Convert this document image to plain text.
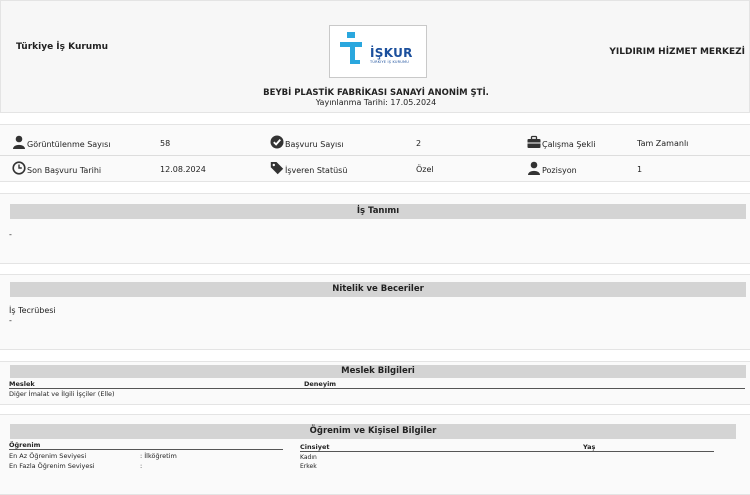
Türkiye İş Kurumu	İŞKUR
TÜRKİYE İŞ KURUMU
YILDIRIM HİZMET MERKEZİ
BEYBİ PLASTİK FABRİKASI SANAYİ ANONİM ŞTİ.
Yayınlanma Tarihi: 17.05.2024
Görüntülenme Sayısı	58	Başvuru Sayısı	2	Çalışma Şekli	Tam Zamanlı
Son Başvuru Tarihi	12.08.2024	İşveren Statüsü	Özel	Pozisyon	1
İş Tanımı
-
Nitelik ve Beceriler
İş Tecrübesi
-
Meslek Bilgileri
Meslek	Deneyim
Diğer İmalat ve İlgili İşçiler (Elle)
Öğrenim ve Kişisel Bilgiler
Öğrenim
En Az Öğrenim Seviyesi	: İlköğretim
En Fazla Öğrenim Seviyesi	:
Cinsiyet	Yaş
Kadın
Erkek
